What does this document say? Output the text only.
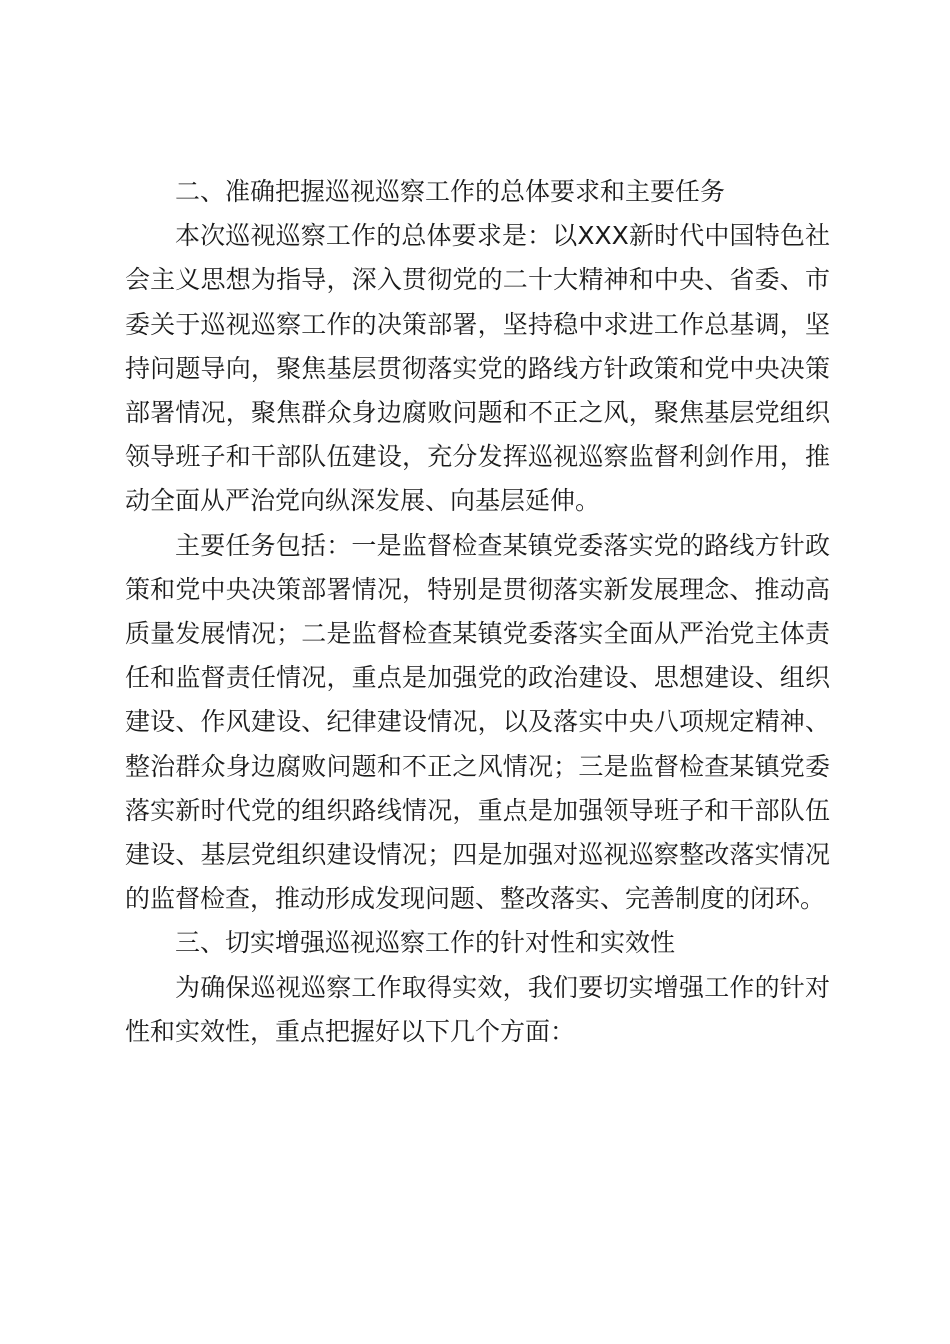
二、准确把握巡视巡察工作的总体要求和主要任务

本次巡视巡察工作的总体要求是：以XXX新时代中国特色社会主义思想为指导，深入贯彻党的二十大精神和中央、省委、市委关于巡视巡察工作的决策部署，坚持稳中求进工作总基调，坚持问题导向，聚焦基层贯彻落实党的路线方针政策和党中央决策部署情况，聚焦群众身边腐败问题和不正之风，聚焦基层党组织领导班子和干部队伍建设，充分发挥巡视巡察监督利剑作用，推动全面从严治党向纵深发展、向基层延伸。

主要任务包括：一是监督检查某镇党委落实党的路线方针政策和党中央决策部署情况，特别是贯彻落实新发展理念、推动高质量发展情况；二是监督检查某镇党委落实全面从严治党主体责任和监督责任情况，重点是加强党的政治建设、思想建设、组织建设、作风建设、纪律建设情况，以及落实中央八项规定精神、整治群众身边腐败问题和不正之风情况；三是监督检查某镇党委落实新时代党的组织路线情况，重点是加强领导班子和干部队伍建设、基层党组织建设情况；四是加强对巡视巡察整改落实情况的监督检查，推动形成发现问题、整改落实、完善制度的闭环。

三、切实增强巡视巡察工作的针对性和实效性

为确保巡视巡察工作取得实效，我们要切实增强工作的针对性和实效性，重点把握好以下几个方面：
